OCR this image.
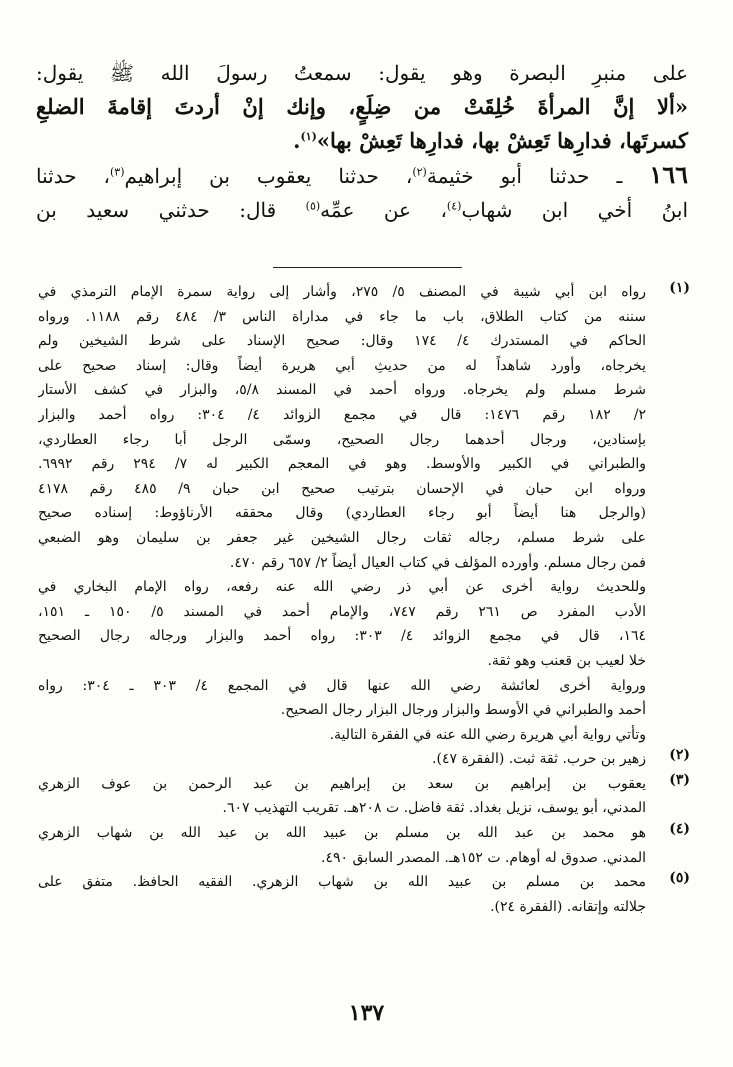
على منبرِ البصرة وهو يقول: سمعتُ رسولَ الله ﷺ يقول:
«ألا إنَّ المرأةَ خُلِقَتْ من ضِلَعٍ، وإنك إنْ أردتَ إقامةَ الضلعِ
كسرتَها، فدارِها تَعِشْ بها، فدارِها تَعِشْ بها»$^{(١)}$.
١٦٦ ـ حدثنا أبو خثيمة$^{(٢)}$، حدثنا يعقوب بن إبراهيم$^{(٣)}$، حدثنا
ابنُ أخي ابن شهاب$^{(٤)}$، عن عمِّه$^{(٥)}$ قال: حدثني سعيد بن
(١)
رواه ابن أبي شيبة في المصنف ٥/ ٢٧٥، وأشار إلى رواية سمرة الإمام الترمذي في
سننه من كتاب الطلاق، باب ما جاء في مداراة الناس ٣/ ٤٨٤ رقم ١١٨٨. ورواه
الحاكم في المستدرك ٤/ ١٧٤ وقال: صحيح الإسناد على شرط الشيخين ولم
يخرجاه، وأورد شاهداً له من حديثِ أبي هريرة أيضاً وقال: إسناد صحيح على
شرط مسلم ولم يخرجاه. ورواه أحمد في المسند ٥/٨، والبزار في كشف الأستار
٢/ ١٨٢ رقم ١٤٧٦: قال في مجمع الزوائد ٤/ ٣٠٤: رواه أحمد والبزار
بإسنادين، ورجال أحدهما رجال الصحيح، وسمّى الرجل أبا رجاء العطاردي،
والطبراني في الكبير والأوسط. وهو في المعجم الكبير له ٧/ ٢٩٤ رقم ٦٩٩٢.
ورواه ابن حبان في الإحسان بترتيب صحيح ابن حبان ٩/ ٤٨٥ رقم ٤١٧٨
(والرجل هنا أيضاً أبو رجاء العطاردي) وقال محققه الأرناؤوط: إسناده صحيح
على شرط مسلم، رجاله ثقات رجال الشيخين غير جعفر بن سليمان وهو الضبعي
فمن رجال مسلم. وأورده المؤلف في كتاب العيال أيضاً ٢/ ٦٥٧ رقم ٤٧٠.
وللحديث رواية أخرى عن أبي ذر رضي الله عنه رفعه، رواه الإمام البخاري في
الأدب المفرد ص ٢٦١ رقم ٧٤٧، والإمام أحمد في المسند ٥/ ١٥٠ ـ ١٥١،
١٦٤، قال في مجمع الزوائد ٤/ ٣٠٣: رواه أحمد والبزار ورجاله رجال الصحيح
خلا لعيب بن قعنب وهو ثقة.
ورواية أخرى لعائشة رضي الله عنها قال في المجمع ٤/ ٣٠٣ ـ ٣٠٤: رواه
أحمد والطبراني في الأوسط والبزار ورجال البزار رجال الصحيح.
وتأتي رواية أبي هريرة رضي الله عنه في الفقرة التالية.
(٢)
زهير بن حرب. ثقة ثبت. (الفقرة ٤٧).
(٣)
يعقوب بن إبراهيم بن سعد بن إبراهيم بن عبد الرحمن بن عوف الزهري
المدني، أبو يوسف، نزيل بغداد. ثقة فاضل. ت ٢٠٨هـ. تقريب التهذيب ٦٠٧.
(٤)
هو محمد بن عبد الله بن مسلم بن عبيد الله بن عبد الله بن شهاب الزهري
المدني. صدوق له أوهام. ت ١٥٢هـ. المصدر السابق ٤٩٠.
(٥)
محمد بن مسلم بن عبيد الله بن شهاب الزهري. الفقيه الحافظ. متفق على
جلالته وإتقانه. (الفقرة ٢٤).
١٣٧
